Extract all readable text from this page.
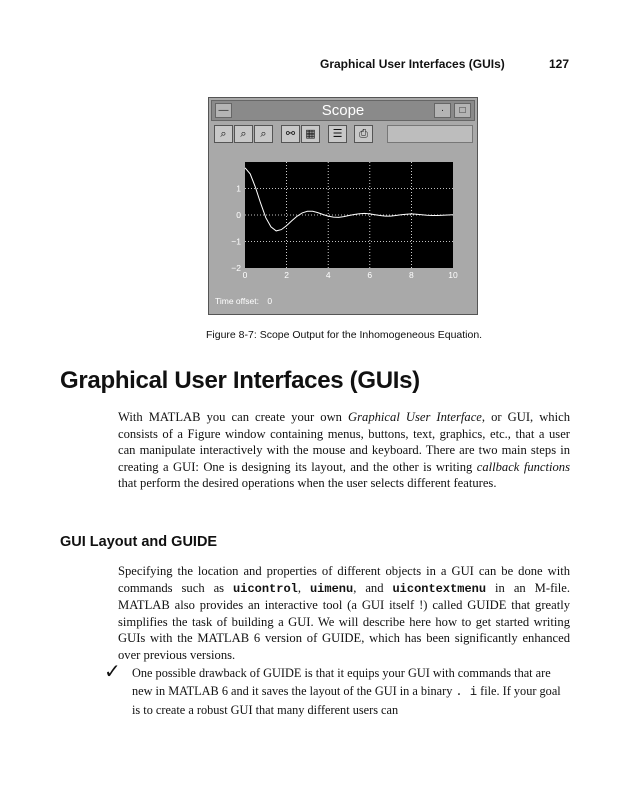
Graphical User Interfaces (GUIs)	127
—	Scope	·	□
⌕	⌕	⌕	⚯ ▦	☰	⎙
0	2	4	6	8	10
1
0
−1
−2
Time offset: 0
Figure 8-7: Scope Output for the Inhomogeneous Equation.
Graphical User Interfaces (GUIs)

With MATLAB you can create your own Graphical User Interface, or GUI, which consists of a Figure window containing menus, buttons, text, graphics, etc., that a user can manipulate interactively with the mouse and keyboard. There are two main steps in creating a GUI: One is designing its layout, and the other is writing callback functions that perform the desired operations when the user selects different features.

GUI Layout and GUIDE

Specifying the location and properties of different objects in a GUI can be done with commands such as uicontrol, uimenu, and uicontextmenu in an M-file. MATLAB also provides an interactive tool (a GUI itself !) called GUIDE that greatly simplifies the task of building a GUI. We will describe here how to get started writing GUIs with the MATLAB 6 version of GUIDE, which has been significantly enhanced over previous versions.

✓ One possible drawback of GUIDE is that it equips your GUI with commands that are new in MATLAB 6 and it saves the layout of the GUI in a binary . i file. If your goal is to create a robust GUI that many different users can
